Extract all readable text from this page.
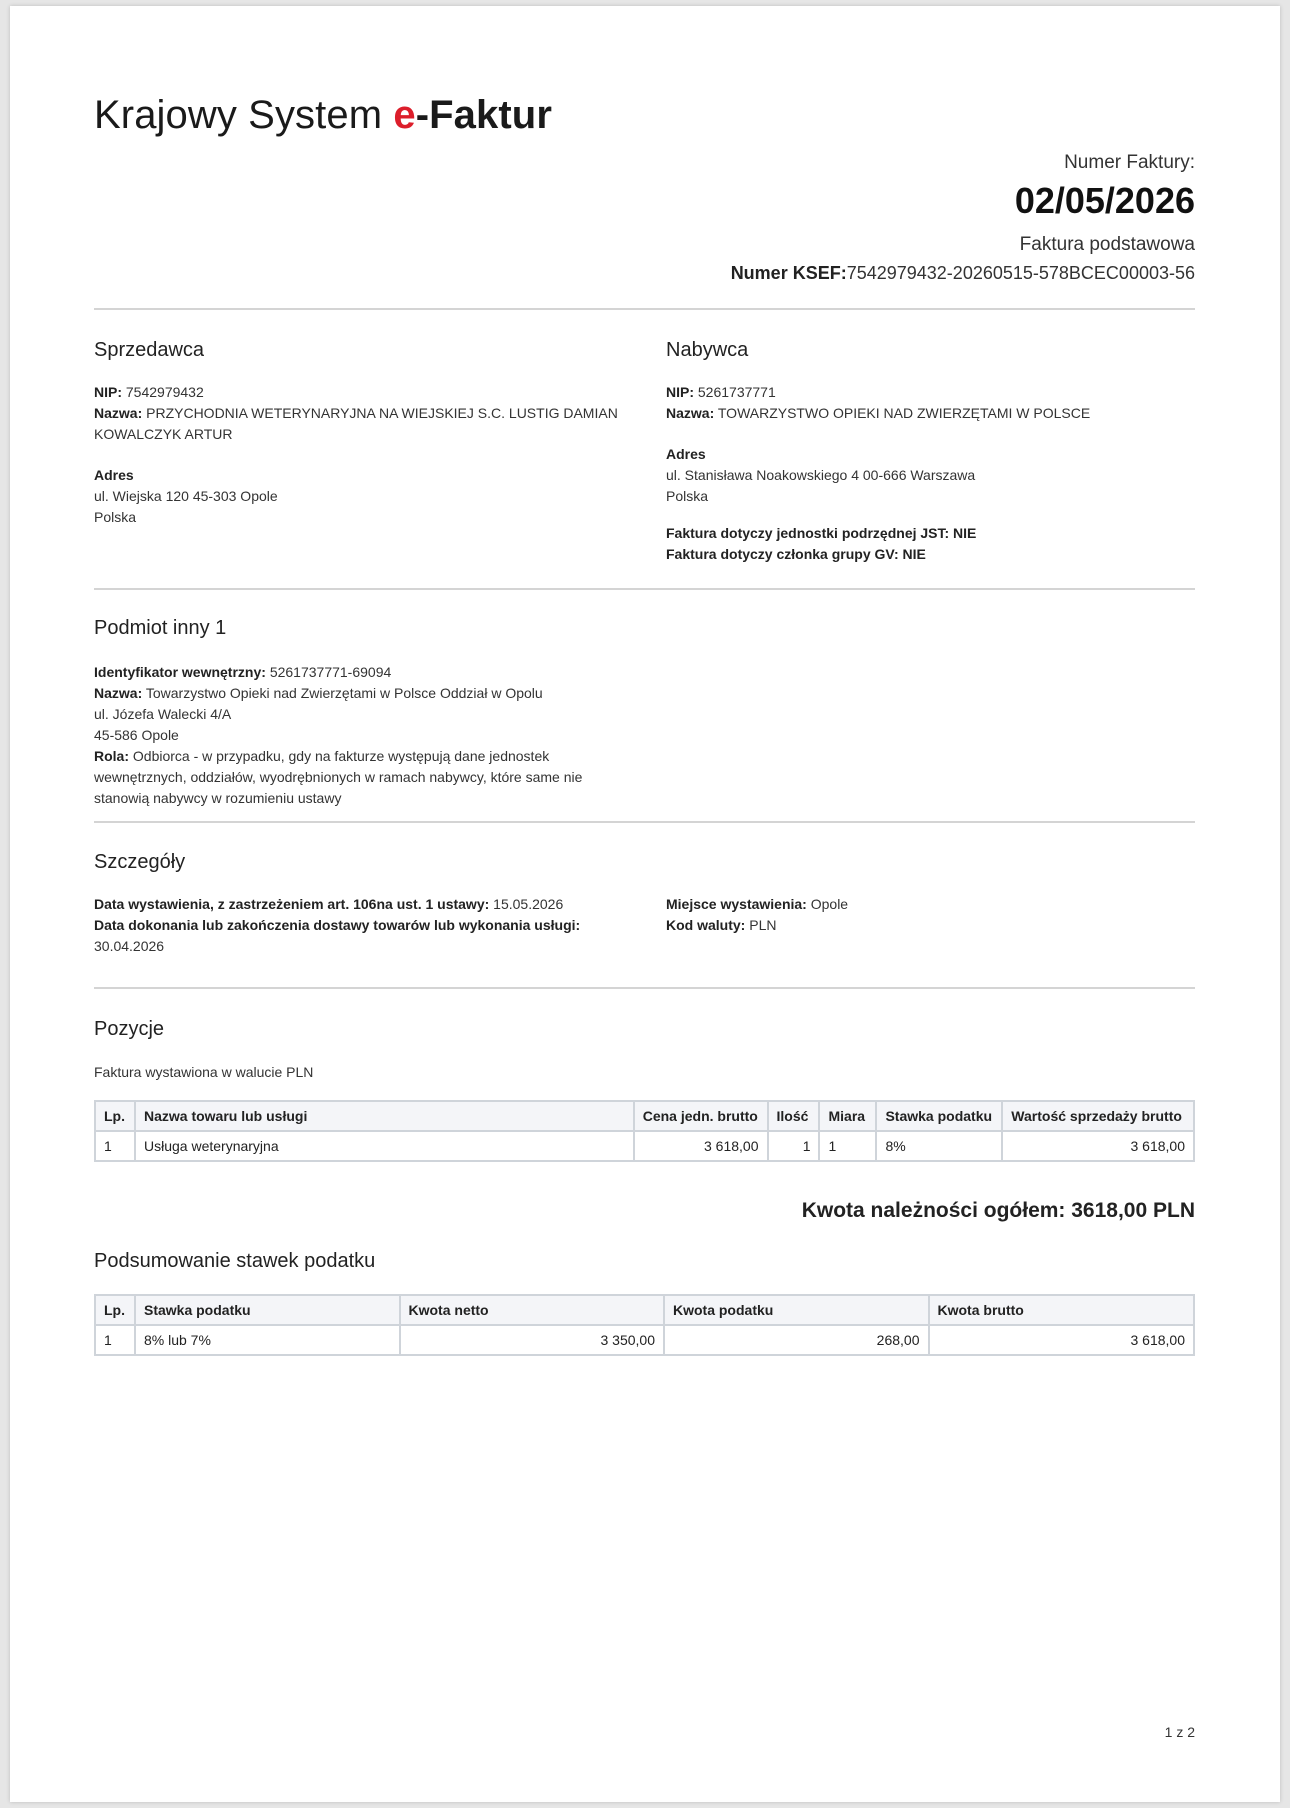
Krajowy System e-Faktur
Numer Faktury:
02/05/2026
Faktura podstawowa
Numer KSEF:7542979432-20260515-578BCEC00003-56
Sprzedawca
NIP: 7542979432
Nazwa: PRZYCHODNIA WETERYNARYJNA NA WIEJSKIEJ S.C. LUSTIG DAMIAN KOWALCZYK ARTUR
Adres
ul. Wiejska 120 45-303 Opole
Polska
Nabywca
NIP: 5261737771
Nazwa: TOWARZYSTWO OPIEKI NAD ZWIERZĘTAMI W POLSCE
Adres
ul. Stanisława Noakowskiego 4 00-666 Warszawa
Polska
Faktura dotyczy jednostki podrzędnej JST: NIE
Faktura dotyczy członka grupy GV: NIE
Podmiot inny 1
Identyfikator wewnętrzny: 5261737771-69094
Nazwa: Towarzystwo Opieki nad Zwierzętami w Polsce Oddział w Opolu
ul. Józefa Walecki 4/A
45-586 Opole
Rola: Odbiorca - w przypadku, gdy na fakturze występują dane jednostek wewnętrznych, oddziałów, wyodrębnionych w ramach nabywcy, które same nie stanowią nabywcy w rozumieniu ustawy
Szczegóły
Data wystawienia, z zastrzeżeniem art. 106na ust. 1 ustawy: 15.05.2026
Data dokonania lub zakończenia dostawy towarów lub wykonania usługi: 30.04.2026
Miejsce wystawienia: Opole
Kod waluty: PLN
Pozycje
Faktura wystawiona w walucie PLN
Lp.	Nazwa towaru lub usługi	Cena jedn. brutto	Ilość	Miara	Stawka podatku	Wartość sprzedaży brutto
1	Usługa weterynaryjna	3 618,00	1	1	8%	3 618,00
Kwota należności ogółem: 3618,00 PLN
Podsumowanie stawek podatku
Lp.	Stawka podatku	Kwota netto	Kwota podatku	Kwota brutto
1	8% lub 7%	3 350,00	268,00	3 618,00
1 z 2
